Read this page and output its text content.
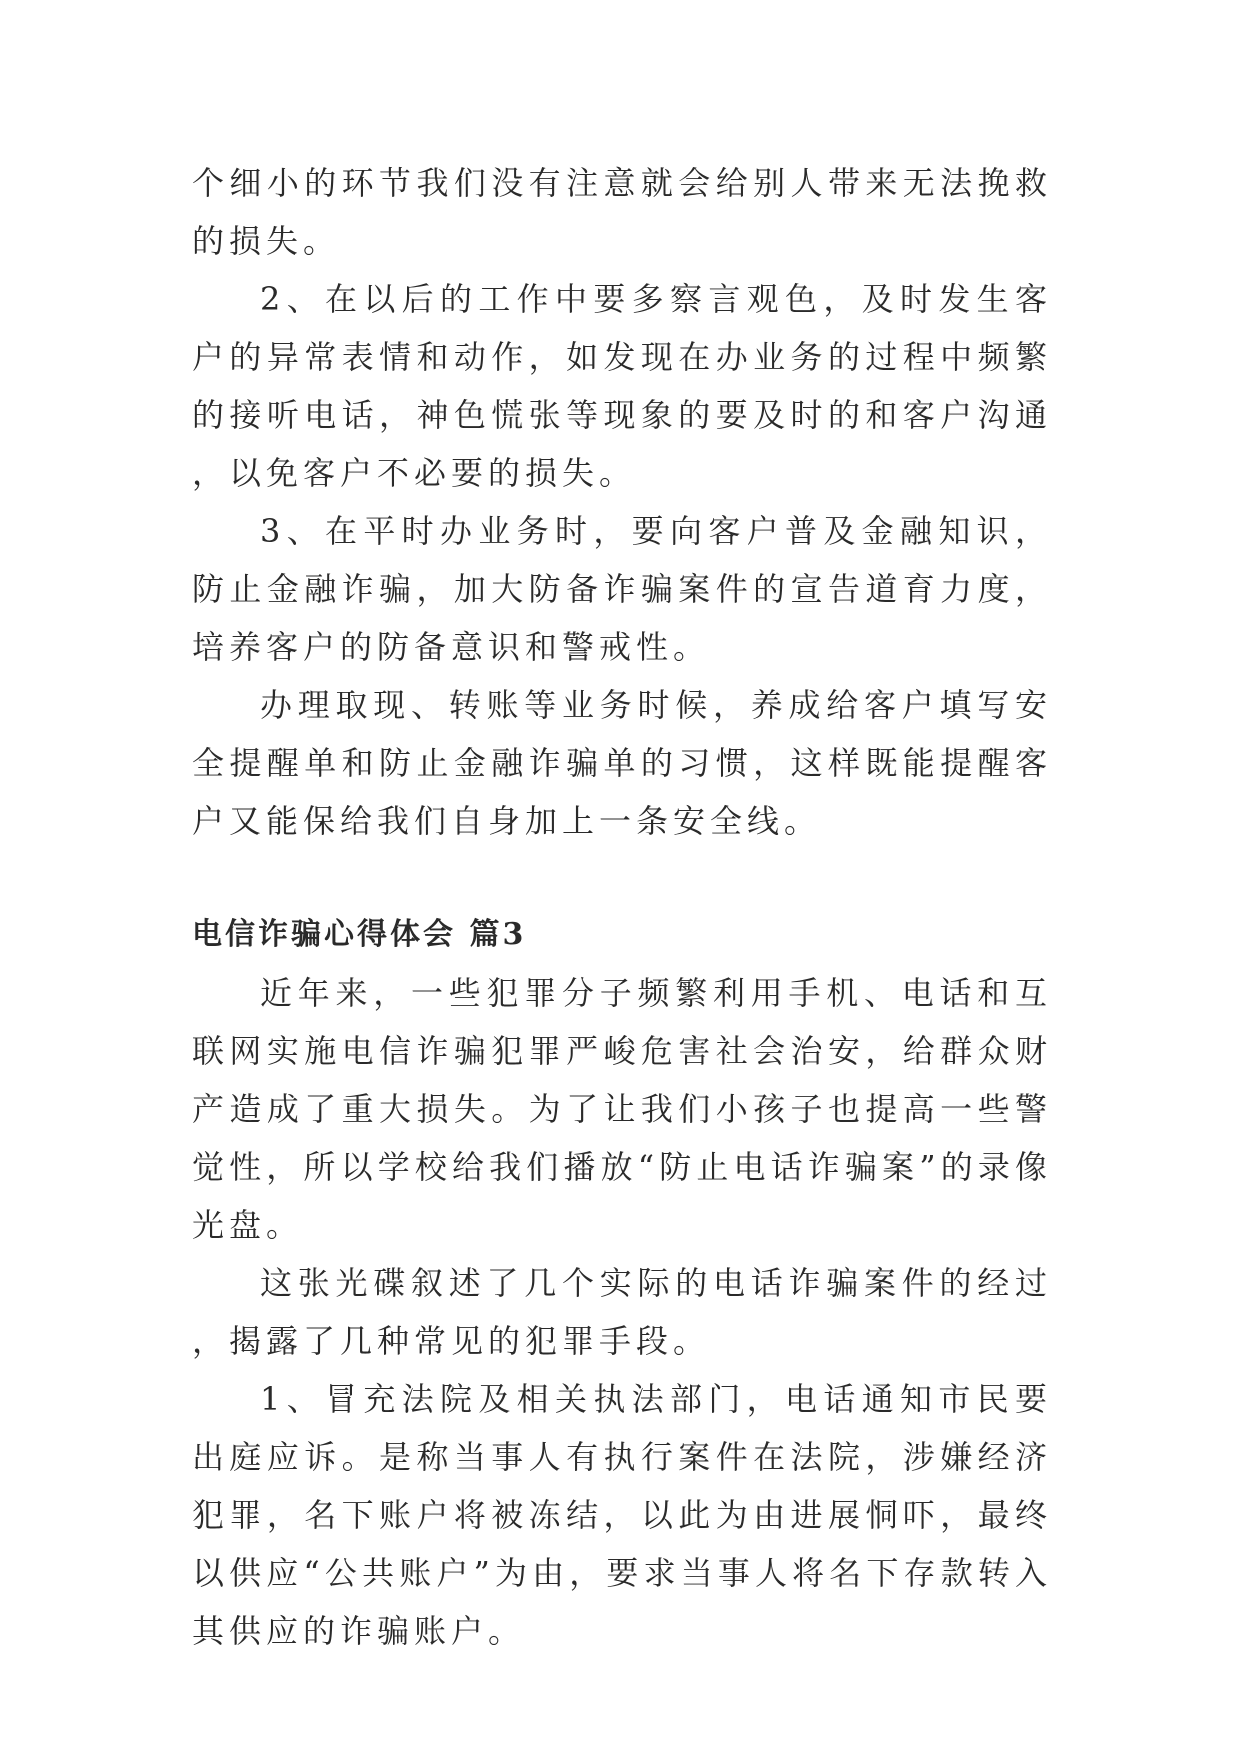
个细小的环节我们没有注意就会给别人带来无法挽救的损失。

2、在以后的工作中要多察言观色，及时发生客户的异常表情和动作，如发现在办业务的过程中频繁的接听电话，神色慌张等现象的要及时的和客户沟通，以免客户不必要的损失。

3、在平时办业务时，要向客户普及金融知识，防止金融诈骗，加大防备诈骗案件的宣告道育力度，培养客户的防备意识和警戒性。

办理取现、转账等业务时候，养成给客户填写安全提醒单和防止金融诈骗单的习惯，这样既能提醒客户又能保给我们自身加上一条安全线。

电信诈骗心得体会 篇3

近年来，一些犯罪分子频繁利用手机、电话和互联网实施电信诈骗犯罪严峻危害社会治安，给群众财产造成了重大损失。为了让我们小孩子也提高一些警觉性，所以学校给我们播放“防止电话诈骗案”的录像光盘。

这张光碟叙述了几个实际的电话诈骗案件的经过，揭露了几种常见的犯罪手段。

1、冒充法院及相关执法部门，电话通知市民要出庭应诉。是称当事人有执行案件在法院，涉嫌经济犯罪，名下账户将被冻结，以此为由进展恫吓，最终以供应“公共账户”为由，要求当事人将名下存款转入其供应的诈骗账户。
